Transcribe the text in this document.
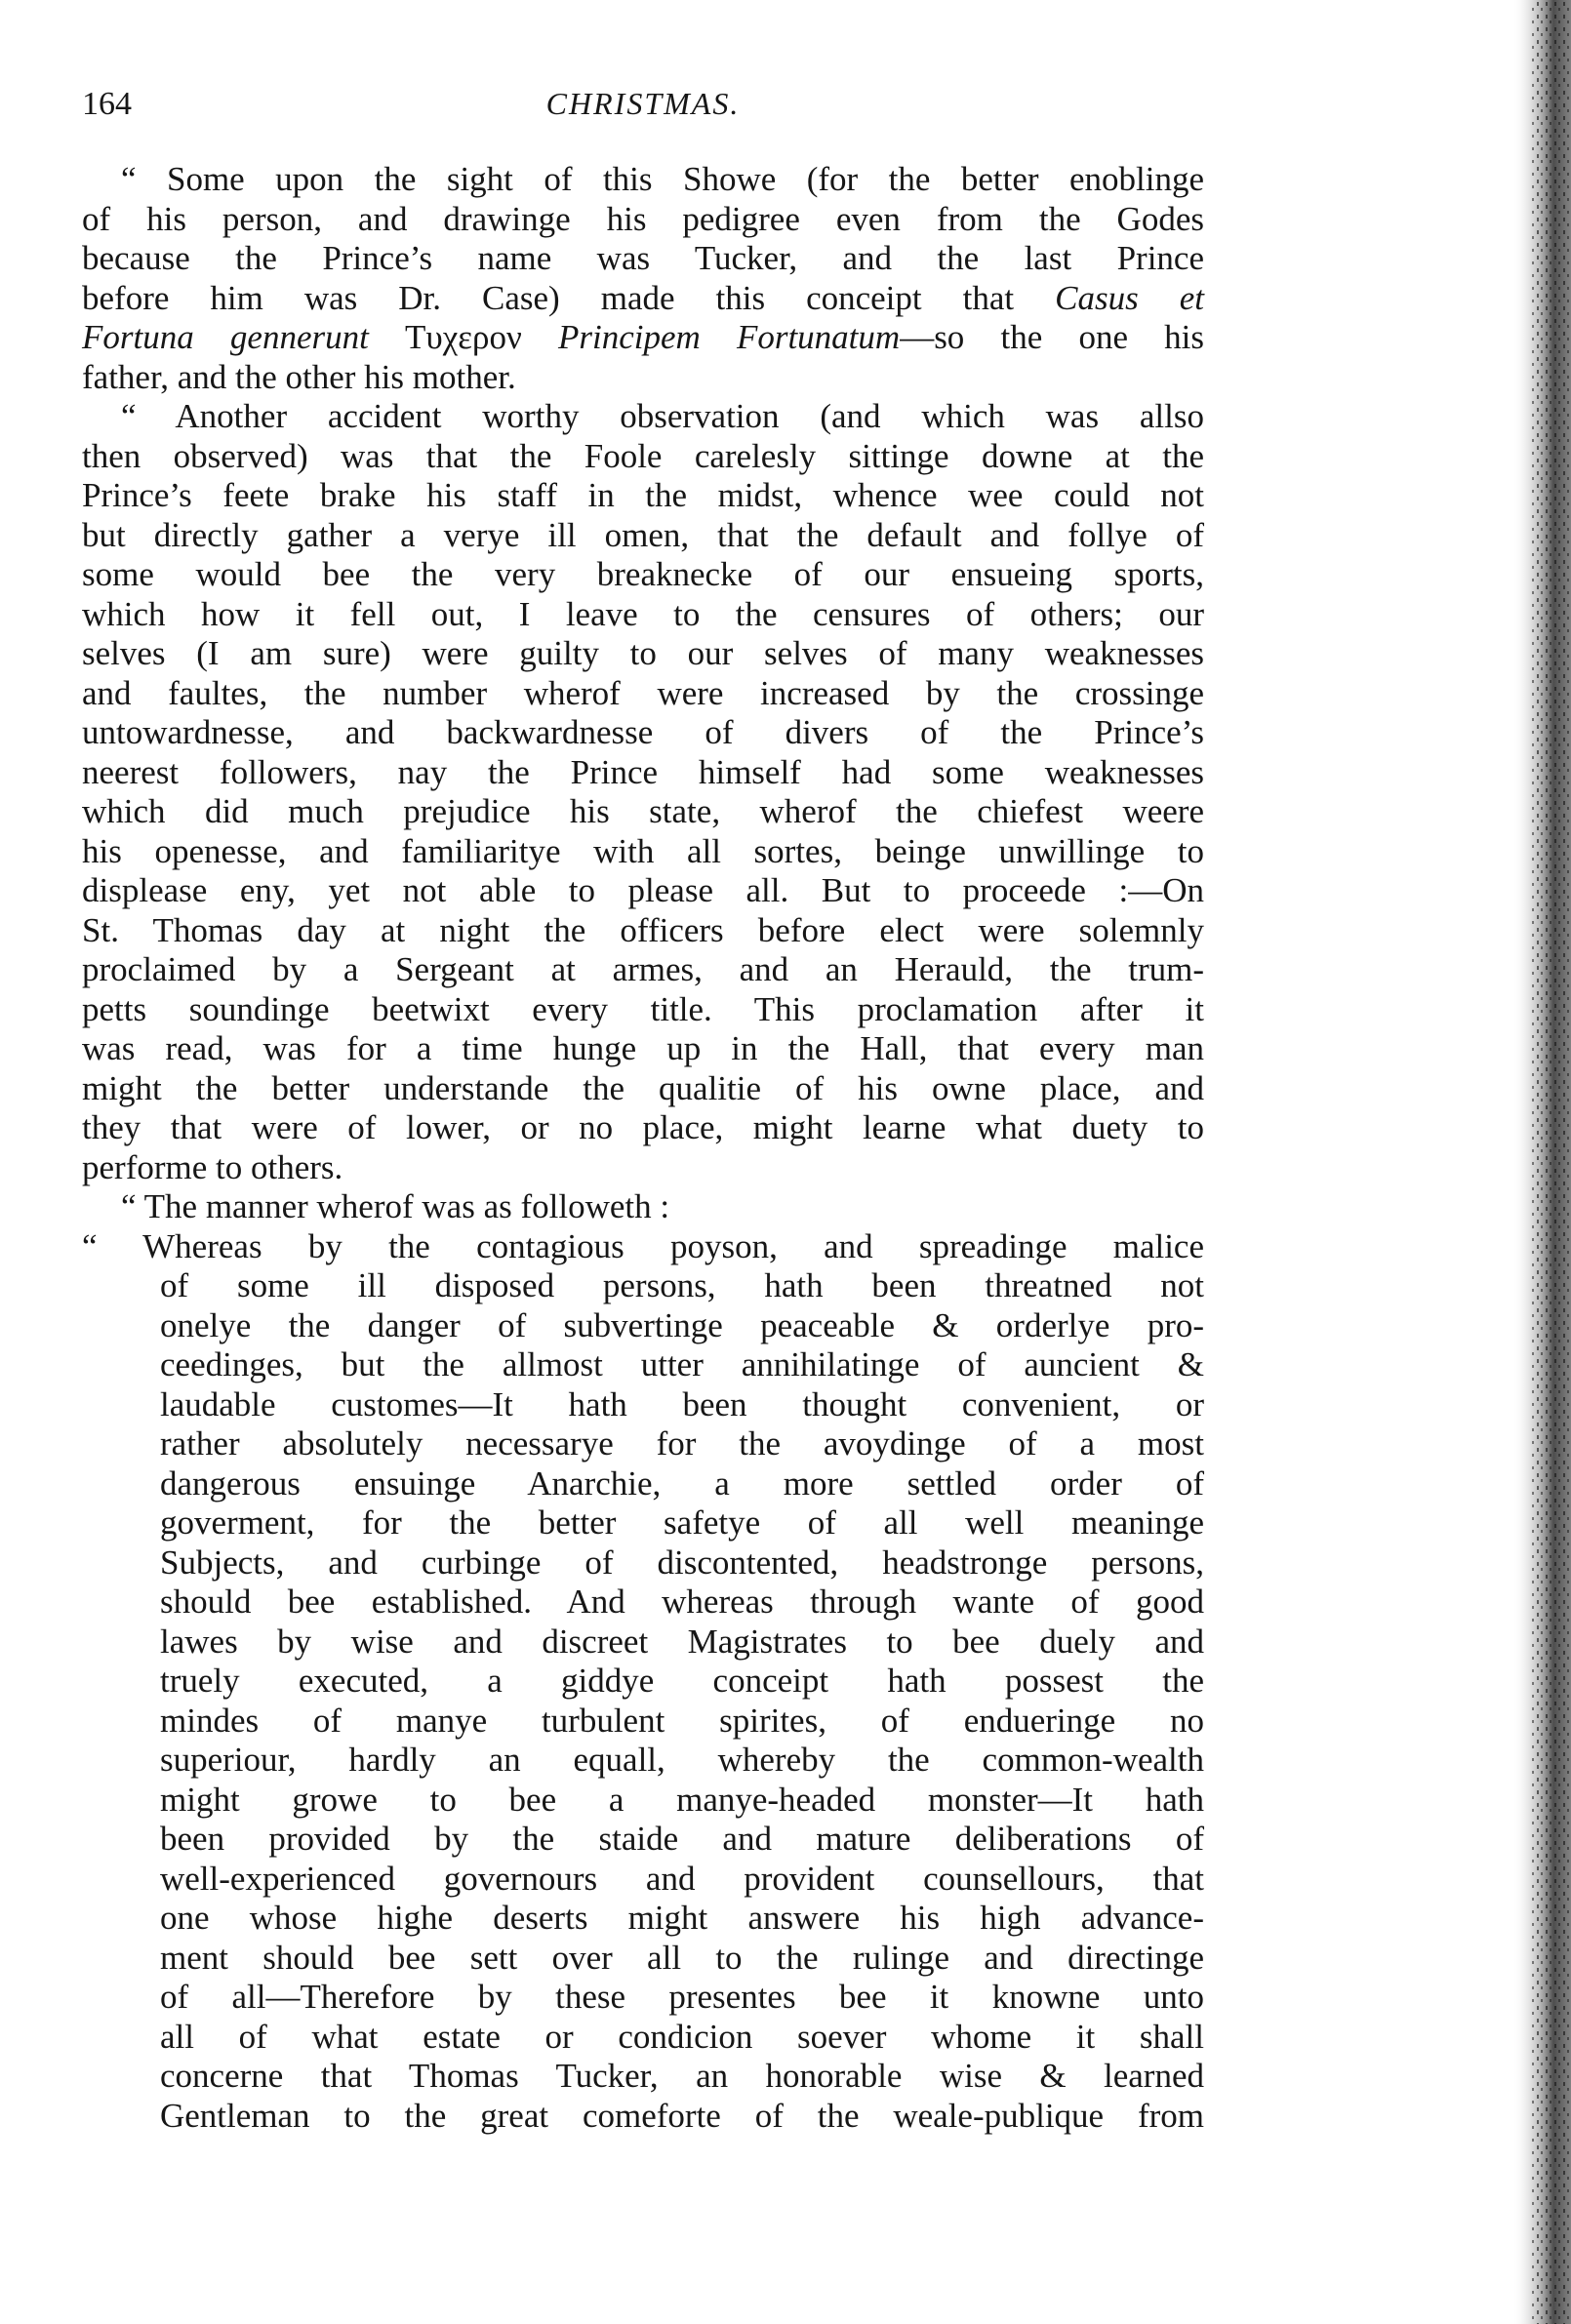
164	CHRISTMAS.
“ Some upon the sight of this Showe (for the better enoblinge
of his person, and drawinge his pedigree even from the Godes
because the Prince’s name was Tucker, and the last Prince
before him was Dr. Case) made this conceipt that Casus et
Fortuna gennerunt Τυχερον Principem Fortunatum—so the one his
father, and the other his mother.
“ Another accident worthy observation (and which was allso
then observed) was that the Foole carelesly sittinge downe at the
Prince’s feete brake his staff in the midst, whence wee could not
but directly gather a verye ill omen, that the default and follye of
some would bee the very breaknecke of our ensueing sports,
which how it fell out, I leave to the censures of others; our
selves (I am sure) were guilty to our selves of many weaknesses
and faultes, the number wherof were increased by the crossinge
untowardnesse, and backwardnesse of divers of the Prince’s
neerest followers, nay the Prince himself had some weaknesses
which did much prejudice his state, wherof the chiefest weere
his openesse, and familiaritye with all sortes, beinge unwillinge to
displease eny, yet not able to please all. But to proceede :—On
St. Thomas day at night the officers before elect were solemnly
proclaimed by a Sergeant at armes, and an Herauld, the trum-
petts soundinge beetwixt every title. This proclamation after it
was read, was for a time hunge up in the Hall, that every man
might the better understande the qualitie of his owne place, and
they that were of lower, or no place, might learne what duety to
performe to others.
“ The manner wherof was as followeth :
“ Whereas by the contagious poyson, and spreadinge malice
of some ill disposed persons, hath been threatned not
onelye the danger of subvertinge peaceable & orderlye pro-
ceedinges, but the allmost utter annihilatinge of auncient &
laudable customes—It hath been thought convenient, or
rather absolutely necessarye for the avoydinge of a most
dangerous ensuinge Anarchie, a more settled order of
goverment, for the better safetye of all well meaninge
Subjects, and curbinge of discontented, headstronge persons,
should bee established. And whereas through wante of good
lawes by wise and discreet Magistrates to bee duely and
truely executed, a giddye conceipt hath possest the
mindes of manye turbulent spirites, of endueringe no
superiour, hardly an equall, whereby the common-wealth
might growe to bee a manye-headed monster—It hath
been provided by the staide and mature deliberations of
well-experienced governours and provident counsellours, that
one whose highe deserts might answere his high advance-
ment should bee sett over all to the rulinge and directinge
of all—Therefore by these presentes bee it knowne unto
all of what estate or condicion soever whome it shall
concerne that Thomas Tucker, an honorable wise & learned
Gentleman to the great comeforte of the weale-publique from
